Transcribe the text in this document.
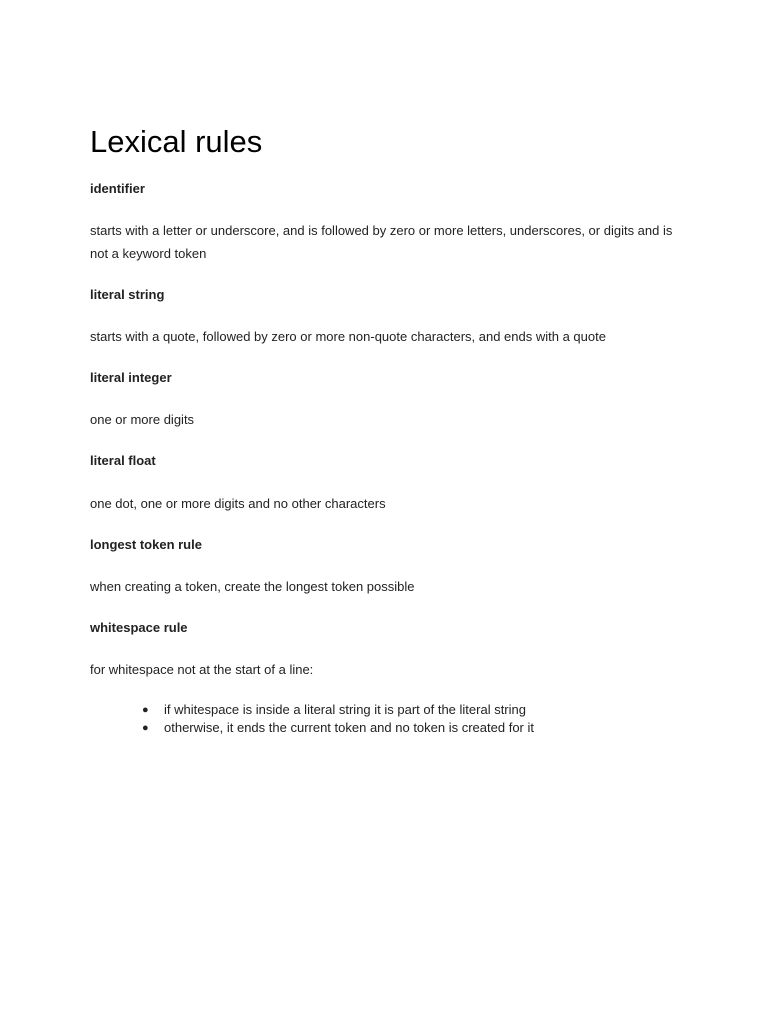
Lexical rules
identifier

starts with a letter or underscore, and is followed by zero or more letters, underscores, or digits and is not a keyword token

literal string

starts with a quote, followed by zero or more non-quote characters, and ends with a quote

literal integer

one or more digits

literal float

one dot, one or more digits and no other characters

longest token rule

when creating a token, create the longest token possible

whitespace rule

for whitespace not at the start of a line:

● if whitespace is inside a literal string it is part of the literal string
● otherwise, it ends the current token and no token is created for it
